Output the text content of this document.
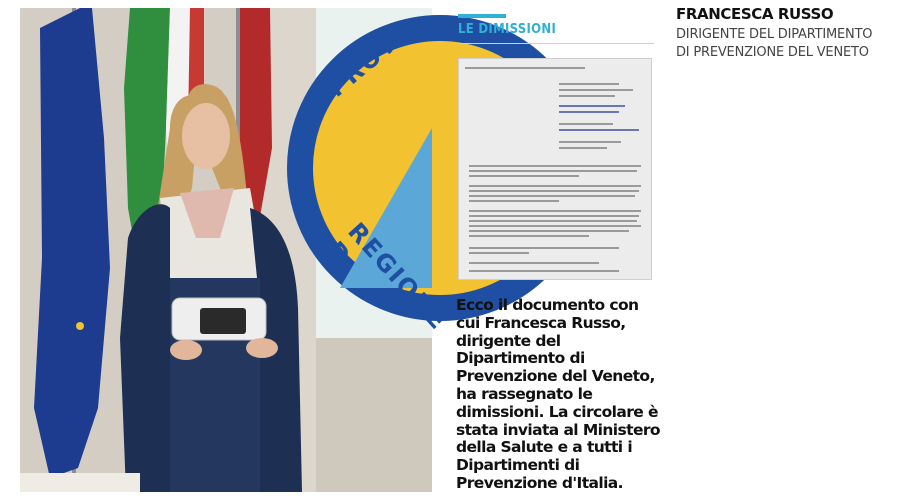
PROTE
REGIONE D
LE DIMISSIONI

Ecco il documento con
cui Francesca Russo,
dirigente del
Dipartimento di
Prevenzione del Veneto,
ha rassegnato le
dimissioni. La circolare è
stata inviata al Ministero
della Salute e a tutti i
Dipartimenti di
Prevenzione d'Italia.

FRANCESCA RUSSO
DIRIGENTE DEL DIPARTIMENTO
DI PREVENZIONE DEL VENETO
